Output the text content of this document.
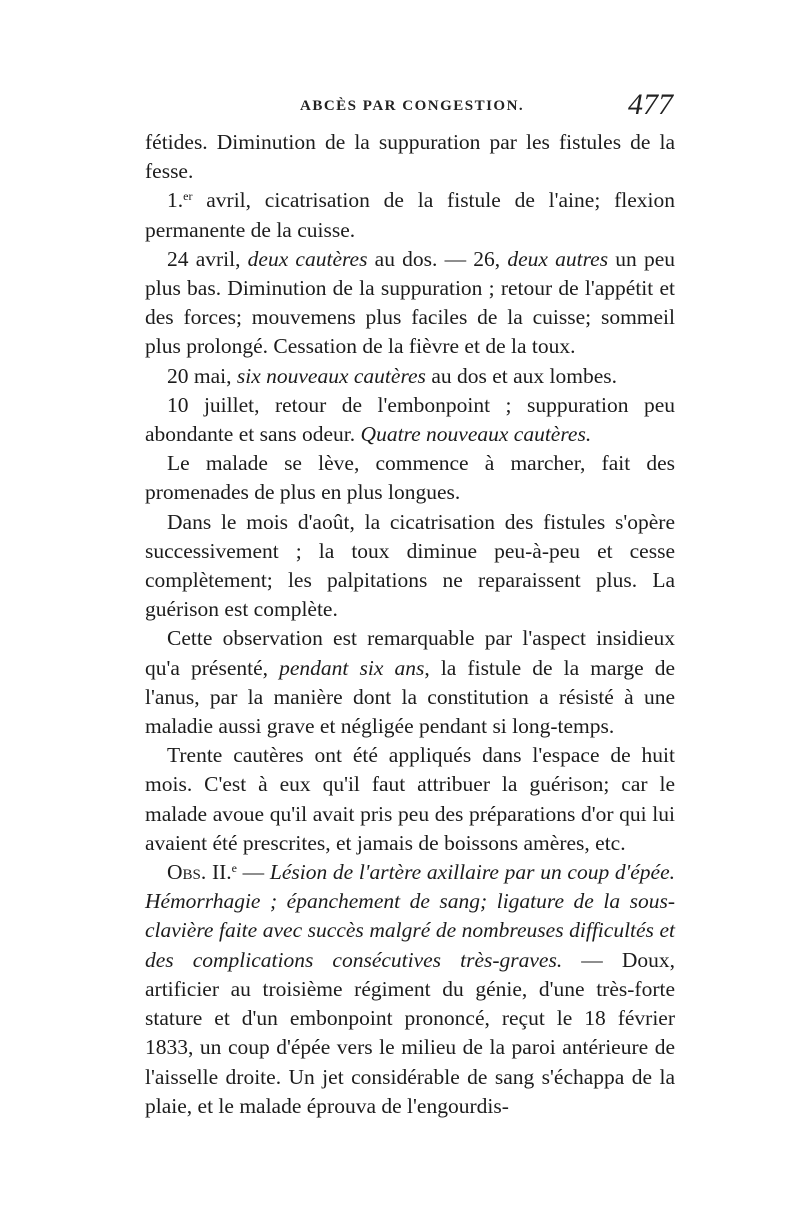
ABCÈS PAR CONGESTION.	477

fétides. Diminution de la suppuration par les fistules de la fesse.

1.$^{er}$ avril, cicatrisation de la fistule de l'aine; flexion permanente de la cuisse.

24 avril, deux cautères au dos. — 26, deux autres un peu plus bas. Diminution de la suppuration ; retour de l'appétit et des forces; mouvemens plus faciles de la cuisse; sommeil plus prolongé. Cessation de la fièvre et de la toux.

20 mai, six nouveaux cautères au dos et aux lombes.

10 juillet, retour de l'embonpoint ; suppuration peu abondante et sans odeur. Quatre nouveaux cautères.

Le malade se lève, commence à marcher, fait des promenades de plus en plus longues.

Dans le mois d'août, la cicatrisation des fistules s'opère successivement ; la toux diminue peu-à-peu et cesse complètement; les palpitations ne reparaissent plus. La guérison est complète.

Cette observation est remarquable par l'aspect insidieux qu'a présenté, pendant six ans, la fistule de la marge de l'anus, par la manière dont la constitution a résisté à une maladie aussi grave et négligée pendant si long-temps.

Trente cautères ont été appliqués dans l'espace de huit mois. C'est à eux qu'il faut attribuer la guérison; car le malade avoue qu'il avait pris peu des préparations d'or qui lui avaient été prescrites, et jamais de boissons amères, etc.

Obs. II.$^e$ — Lésion de l'artère axillaire par un coup d'épée. Hémorrhagie ; épanchement de sang; ligature de la sous-clavière faite avec succès malgré de nombreuses difficultés et des complications consécutives très-graves. — Doux, artificier au troisième régiment du génie, d'une très-forte stature et d'un embonpoint prononcé, reçut le 18 février 1833, un coup d'épée vers le milieu de la paroi antérieure de l'aisselle droite. Un jet considérable de sang s'échappa de la plaie, et le malade éprouva de l'engourdis-
